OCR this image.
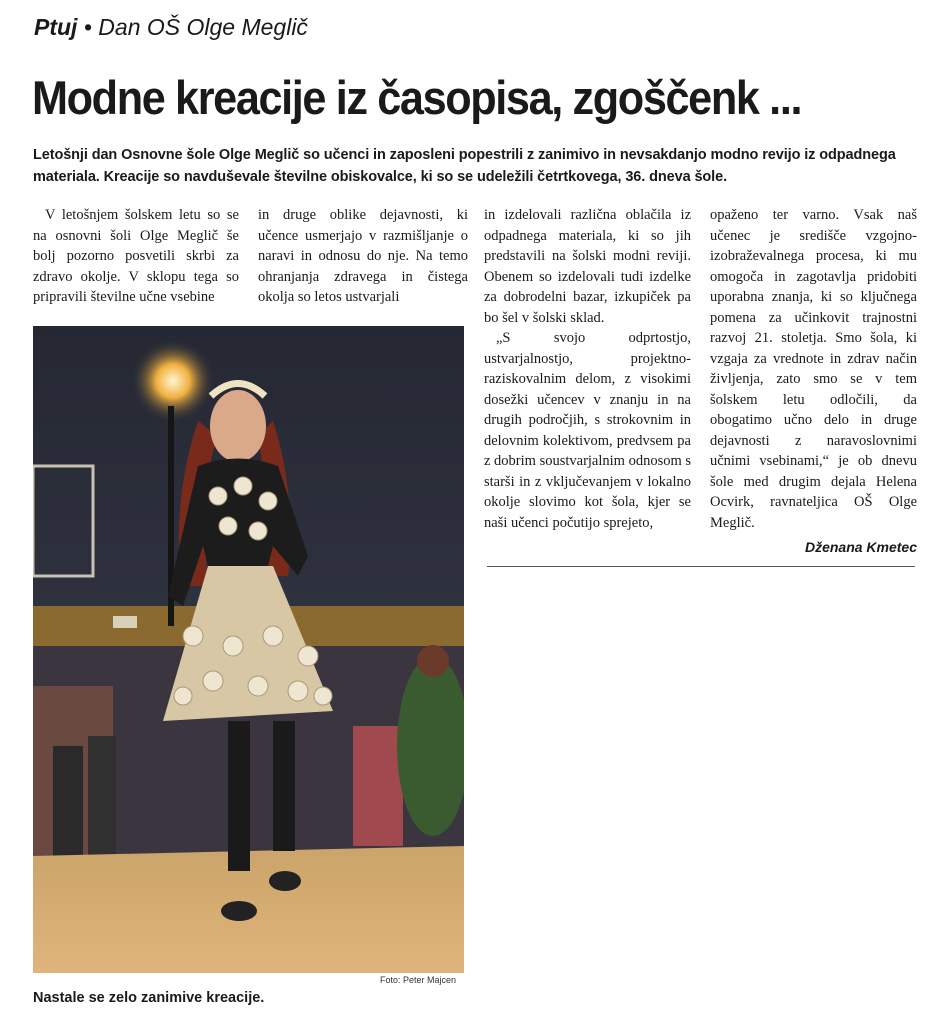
Ptuj • Dan OŠ Olge Meglič
Modne kreacije iz časopisa, zgoščenk ...
Letošnji dan Osnovne šole Olge Meglič so učenci in zaposleni popestrili z zanimivo in nevsakdanjo modno revijo iz odpadnega materiala. Kreacije so navduševale številne obiskovalce, ki so se udeležili četrtkovega, 36. dneva šole.

V letošnjem šolskem letu so se na osnovni šoli Olge Meglič še bolj pozorno posvetili skrbi za zdravo okolje. V sklopu tega so pripravili številne učne vsebine

in druge oblike dejavnosti, ki učence usmerjajo v razmišljanje o naravi in odnosu do nje. Na temo ohranjanja zdravega in čistega okolja so letos ustvarjali

in izdelovali različna oblačila iz odpadnega materiala, ki so jih predstavili na šolski modni reviji. Obenem so izdelovali tudi izdelke za dobrodelni bazar, izkupiček pa bo šel v šolski sklad.

„S svojo odprtostjo, ustvarjalnostjo, projektno-raziskovalnim delom, z visokimi dosežki učencev v znanju in na drugih področjih, s strokovnim in delovnim kolektivom, predvsem pa z dobrim soustvarjalnim odnosom s starši in z vključevanjem v lokalno okolje slovimo kot šola, kjer se naši učenci počutijo sprejeto,

opaženo ter varno. Vsak naš učenec je središče vzgojno-izobraževalnega procesa, ki mu omogoča in zagotavlja pridobiti uporabna znanja, ki so ključnega pomena za učinkovit trajnostni razvoj 21. stoletja. Smo šola, ki vzgaja za vrednote in zdrav način življenja, zato smo se v tem šolskem letu odločili, da obogatimo učno delo in druge dejavnosti z naravoslovnimi učnimi vsebinami,“ je ob dnevu šole med drugim dejala Helena Ocvirk, ravnateljica OŠ Olge Meglič.

Dženana Kmetec
Foto: Peter Majcen
Nastale se zelo zanimive kreacije.
